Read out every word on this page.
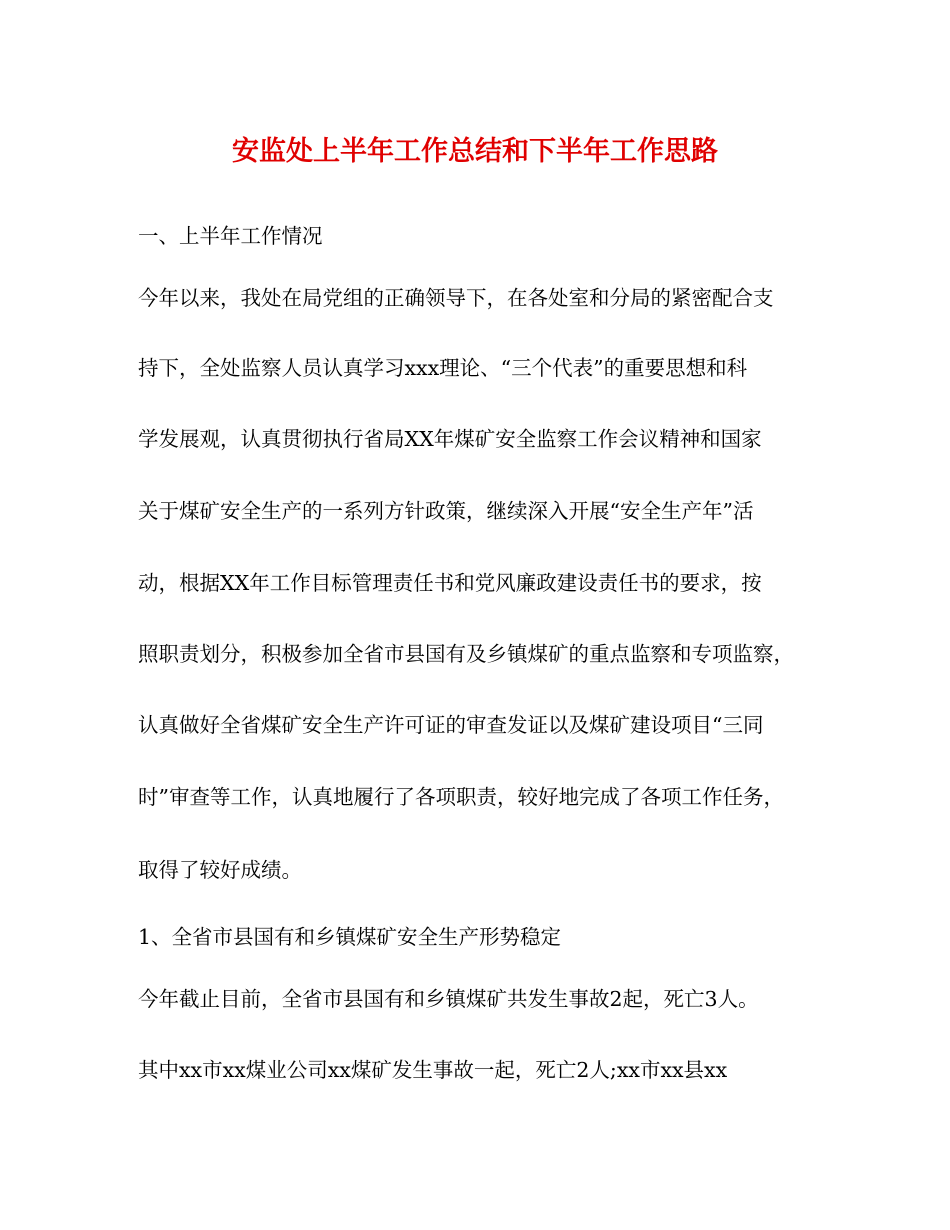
安监处上半年工作总结和下半年工作思路
一、上半年工作情况
今年以来，我处在局党组的正确领导下，在各处室和分局的紧密配合支
持下，全处监察人员认真学习xxx理论、“三个代表”的重要思想和科
学发展观，认真贯彻执行省局XX年煤矿安全监察工作会议精神和国家
关于煤矿安全生产的一系列方针政策，继续深入开展“安全生产年”活
动，根据XX年工作目标管理责任书和党风廉政建设责任书的要求，按
照职责划分，积极参加全省市县国有及乡镇煤矿的重点监察和专项监察，
认真做好全省煤矿安全生产许可证的审查发证以及煤矿建设项目“三同
时”审查等工作，认真地履行了各项职责，较好地完成了各项工作任务，
取得了较好成绩。
1、全省市县国有和乡镇煤矿安全生产形势稳定
今年截止目前，全省市县国有和乡镇煤矿共发生事故2起，死亡3人。
其中xx市xx煤业公司xx煤矿发生事故一起，死亡2人;xx市xx县xx
